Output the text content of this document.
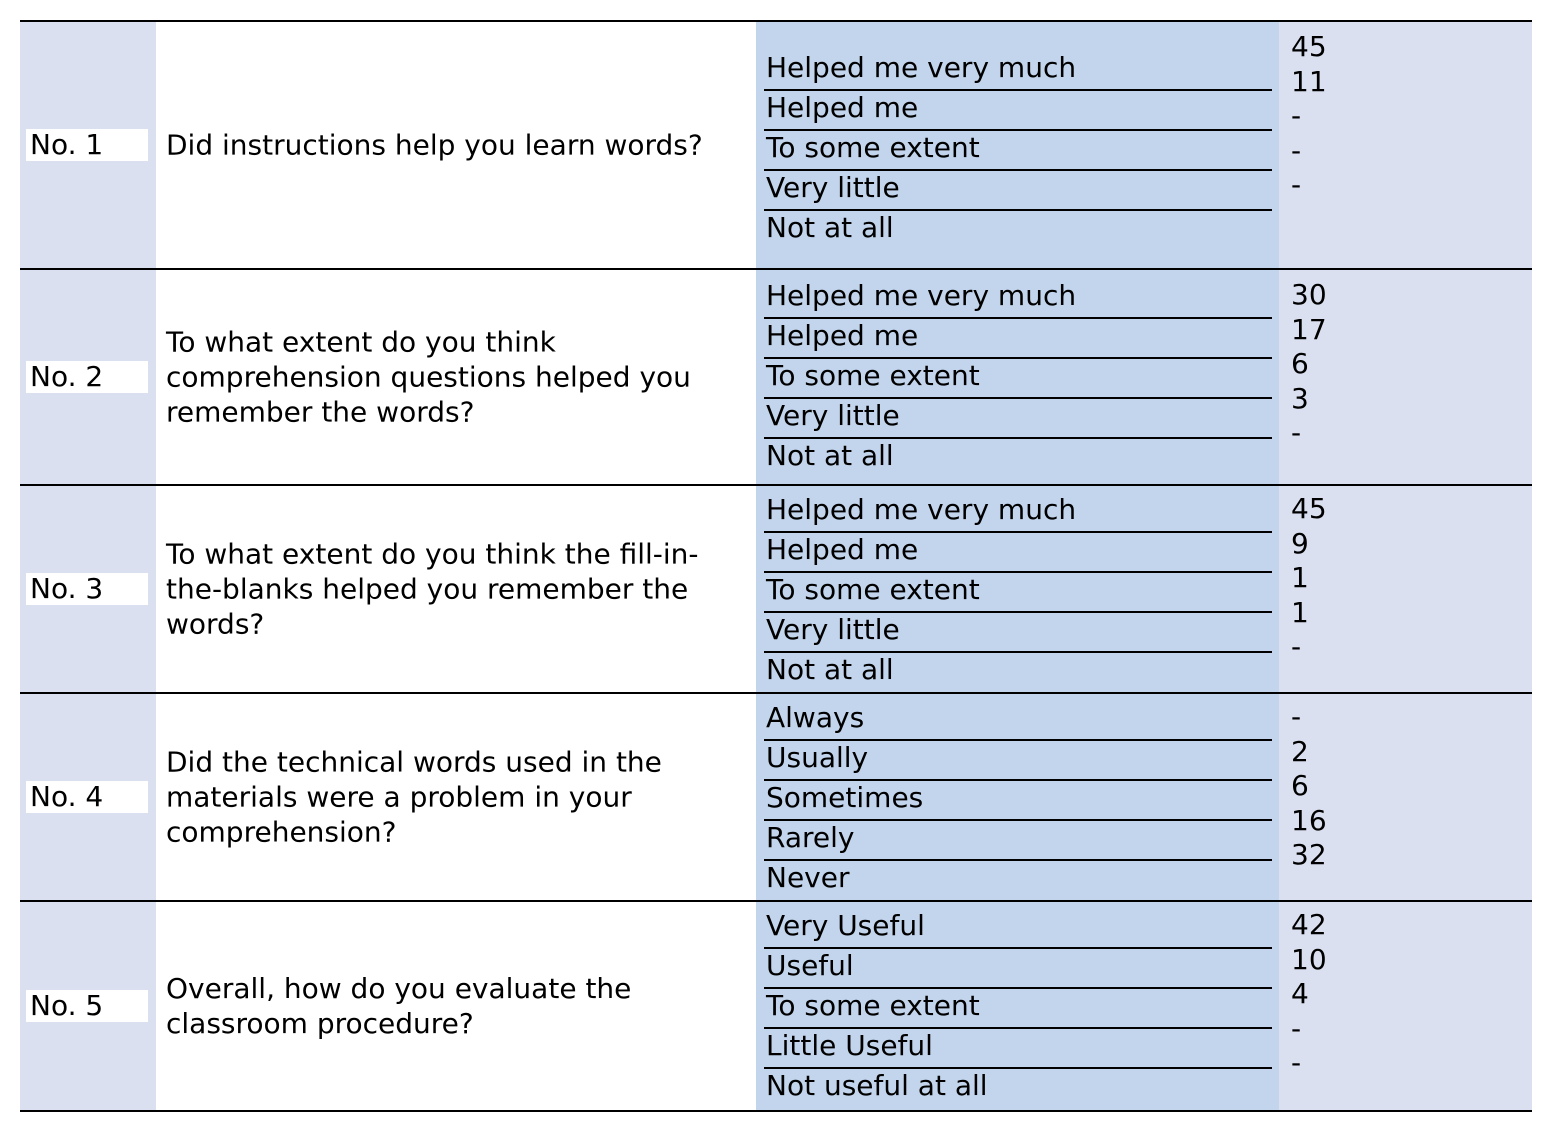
No. 1	Did instructions help you learn words?
Helped me very much
Helped me
To some extent
Very little
Not at all
45
11
-
-
-
No. 2
To what extent do you think comprehension questions helped you remember the words?
Helped me very much
Helped me
To some extent
Very little
Not at all
30
17
6
3
-
No. 3
To what extent do you think the fill-in-the-blanks helped you remember the words?
Helped me very much
Helped me
To some extent
Very little
Not at all
45
9
1
1
-
No. 4
Did the technical words used in the materials were a problem in your comprehension?
Always
Usually
Sometimes
Rarely
Never
-
2
6
16
32
No. 5
Overall, how do you evaluate the classroom procedure?
Very Useful
Useful
To some extent
Little Useful
Not useful at all
42
10
4
-
-
